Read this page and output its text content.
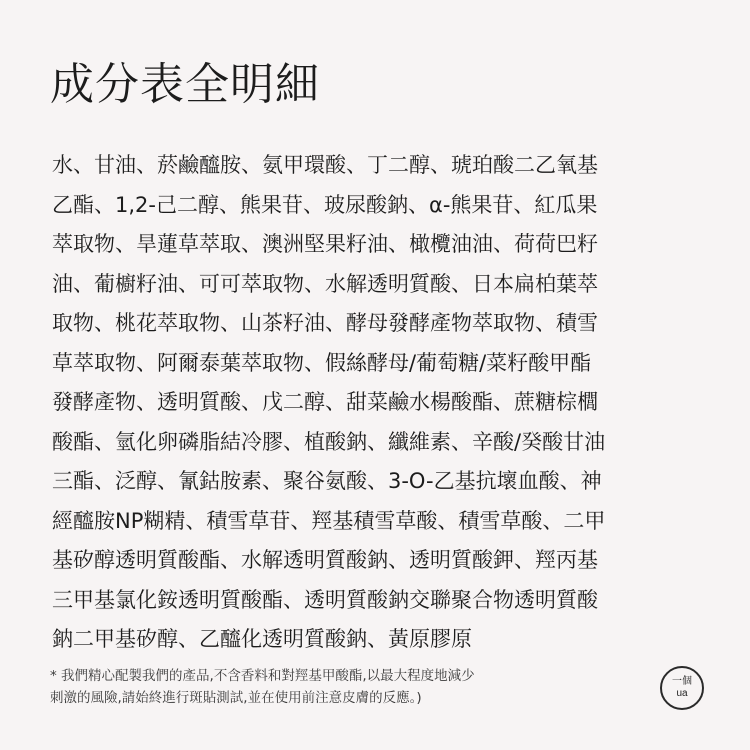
成分表全明細
水、甘油、菸鹼醯胺、氨甲環酸、丁二醇、琥珀酸二乙氧基
乙酯、1,2-己二醇、熊果苷、玻尿酸鈉、α-熊果苷、紅瓜果
萃取物、旱蓮草萃取、澳洲堅果籽油、橄欖油油、荷荷巴籽
油、葡櫥籽油、可可萃取物、水解透明質酸、日本扁柏葉萃
取物、桃花萃取物、山茶籽油、酵母發酵產物萃取物、積雪
草萃取物、阿爾泰葉萃取物、假絲酵母/葡萄糖/菜籽酸甲酯
發酵產物、透明質酸、戊二醇、甜菜鹼水楊酸酯、蔗糖棕櫚
酸酯、氫化卵磷脂結冷膠、植酸鈉、纖維素、辛酸/癸酸甘油
三酯、泛醇、氰鈷胺素、聚谷氨酸、3-O-乙基抗壞血酸、神
經醯胺NP糊精、積雪草苷、羥基積雪草酸、積雪草酸、二甲
基矽醇透明質酸酯、水解透明質酸鈉、透明質酸鉀、羥丙基
三甲基氯化銨透明質酸酯、透明質酸鈉交聯聚合物透明質酸
鈉二甲基矽醇、乙醯化透明質酸鈉、黃原膠原
* 我們精心配製我們的產品,不含香料和對羥基甲酸酯,以最大程度地減少
刺激的風險,請始終進行斑貼測試,並在使用前注意皮膚的反應。)
一個
ua
